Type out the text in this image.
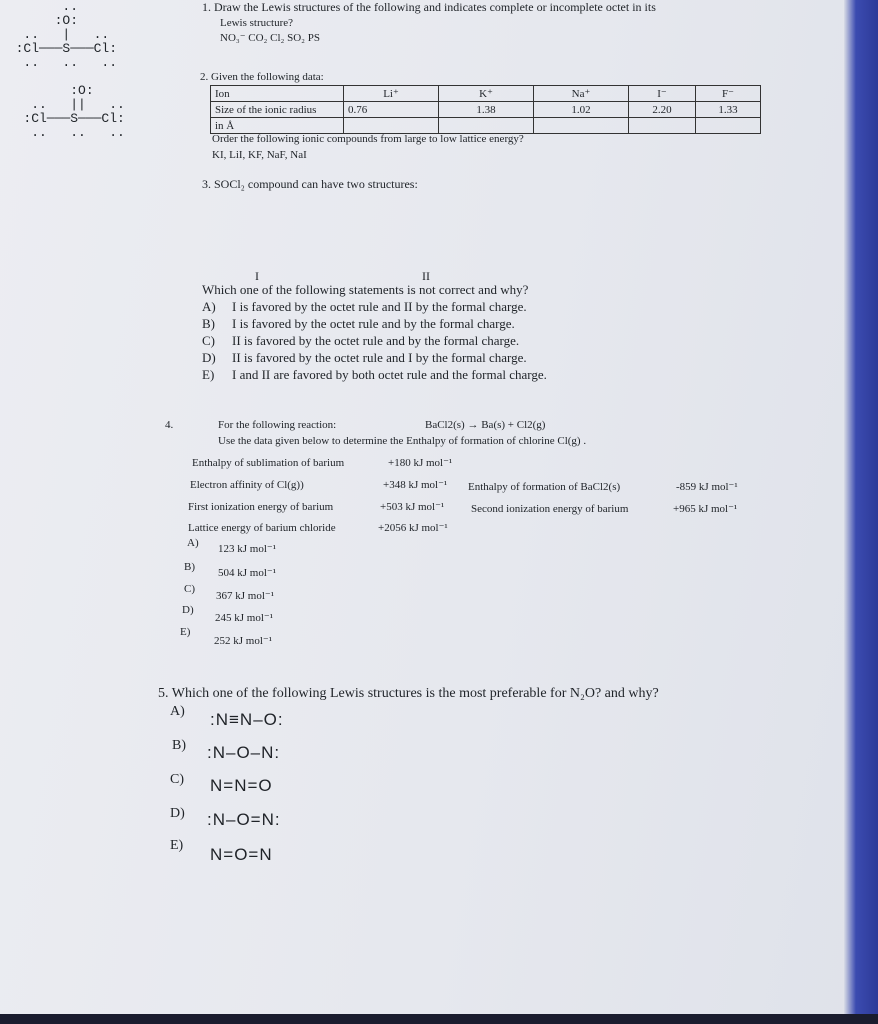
1. Draw the Lewis structures of the following and indicates complete or incomplete octet in its
Lewis structure?
NO₃⁻ CO₂ Cl₂ SO₂ PS
2. Given the following data:
Ion	Li⁺	K⁺	Na⁺	I⁻	F⁻
Size of the ionic radius	0.76	1.38	1.02	2.20	1.33
in Å					
Order the following ionic compounds from large to low lattice energy?
KI, LiI, KF, NaF, NaI
3. SOCl₂ compound can have two structures:
..
:O:
..   |   ..
:Cl───S───Cl:
..   ..   ..

:O:
..   ||   ..
:Cl───S───Cl:
..   ..   ..
I	II
Which one of the following statements is not correct and why?
A) I is favored by the octet rule and II by the formal charge.
B) I is favored by the octet rule and by the formal charge.
C) II is favored by the octet rule and by the formal charge.
D) II is favored by the octet rule and I by the formal charge.
E) I and II are favored by both octet rule and the formal charge.
4.	For the following reaction:	BaCl2(s) → Ba(s) + Cl2(g)
Use the data given below to determine the Enthalpy of formation of chlorine Cl(g) .
Enthalpy of sublimation of barium	+180 kJ mol⁻¹
Electron affinity of Cl(g))	+348 kJ mol⁻¹ Enthalpy of formation of BaCl2(s)	-859 kJ mol⁻¹
First ionization energy of barium	+503 kJ mol⁻¹ Second ionization energy of barium	+965 kJ mol⁻¹
Lattice energy of barium chloride	+2056 kJ mol⁻¹
A) 123 kJ mol⁻¹
B) 504 kJ mol⁻¹
C)
367 kJ mol⁻¹
D)
245 kJ mol⁻¹
E)
252 kJ mol⁻¹
5. Which one of the following Lewis structures is the most preferable for N₂O? and why?
A) :N≡N–O:
B) :N–O–N:
C) N=N=O
D) :N–O=N:
E) N=O=N
